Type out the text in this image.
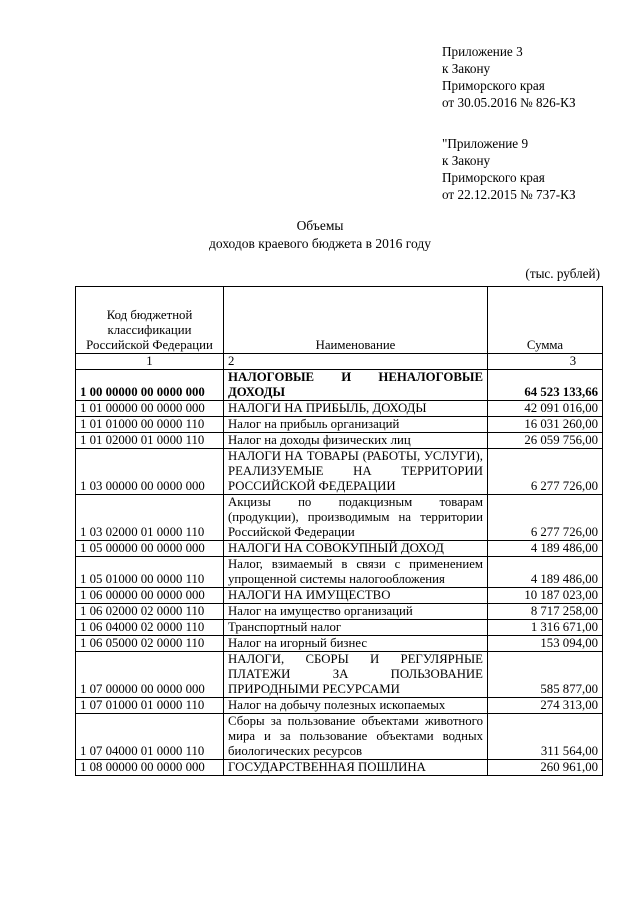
Приложение 3
к Закону
Приморского края
от 30.05.2016 № 826-КЗ
"Приложение 9
к Закону
Приморского края
от 22.12.2015 № 737-КЗ
Объемы
доходов краевого бюджета в 2016 году
(тыс. рублей)
Код бюджетной классификации Российской Федерации	Наименование	Сумма
1	2	3
1 00 00000 00 0000 000	НАЛОГОВЫЕ И НЕНАЛОГОВЫЕ ДОХОДЫ	64 523 133,66
1 01 00000 00 0000 000	НАЛОГИ НА ПРИБЫЛЬ, ДОХОДЫ	42 091 016,00
1 01 01000 00 0000 110	Налог на прибыль организаций	16 031 260,00
1 01 02000 01 0000 110	Налог на доходы физических лиц	26 059 756,00
1 03 00000 00 0000 000	НАЛОГИ НА ТОВАРЫ (РАБОТЫ, УСЛУГИ), РЕАЛИЗУЕМЫЕ НА ТЕРРИТОРИИ РОССИЙСКОЙ ФЕДЕРАЦИИ	6 277 726,00
1 03 02000 01 0000 110	Акцизы по подакцизным товарам (продукции), производимым на территории Российской Федерации	6 277 726,00
1 05 00000 00 0000 000	НАЛОГИ НА СОВОКУПНЫЙ ДОХОД	4 189 486,00
1 05 01000 00 0000 110	Налог, взимаемый в связи с применением упрощенной системы налогообложения	4 189 486,00
1 06 00000 00 0000 000	НАЛОГИ НА ИМУЩЕСТВО	10 187 023,00
1 06 02000 02 0000 110	Налог на имущество организаций	8 717 258,00
1 06 04000 02 0000 110	Транспортный налог	1 316 671,00
1 06 05000 02 0000 110	Налог на игорный бизнес	153 094,00
1 07 00000 00 0000 000	НАЛОГИ, СБОРЫ И РЕГУЛЯРНЫЕ ПЛАТЕЖИ ЗА ПОЛЬЗОВАНИЕ ПРИРОДНЫМИ РЕСУРСАМИ	585 877,00
1 07 01000 01 0000 110	Налог на добычу полезных ископаемых	274 313,00
1 07 04000 01 0000 110	Сборы за пользование объектами животного мира и за пользование объектами водных биологических ресурсов	311 564,00
1 08 00000 00 0000 000	ГОСУДАРСТВЕННАЯ ПОШЛИНА	260 961,00
